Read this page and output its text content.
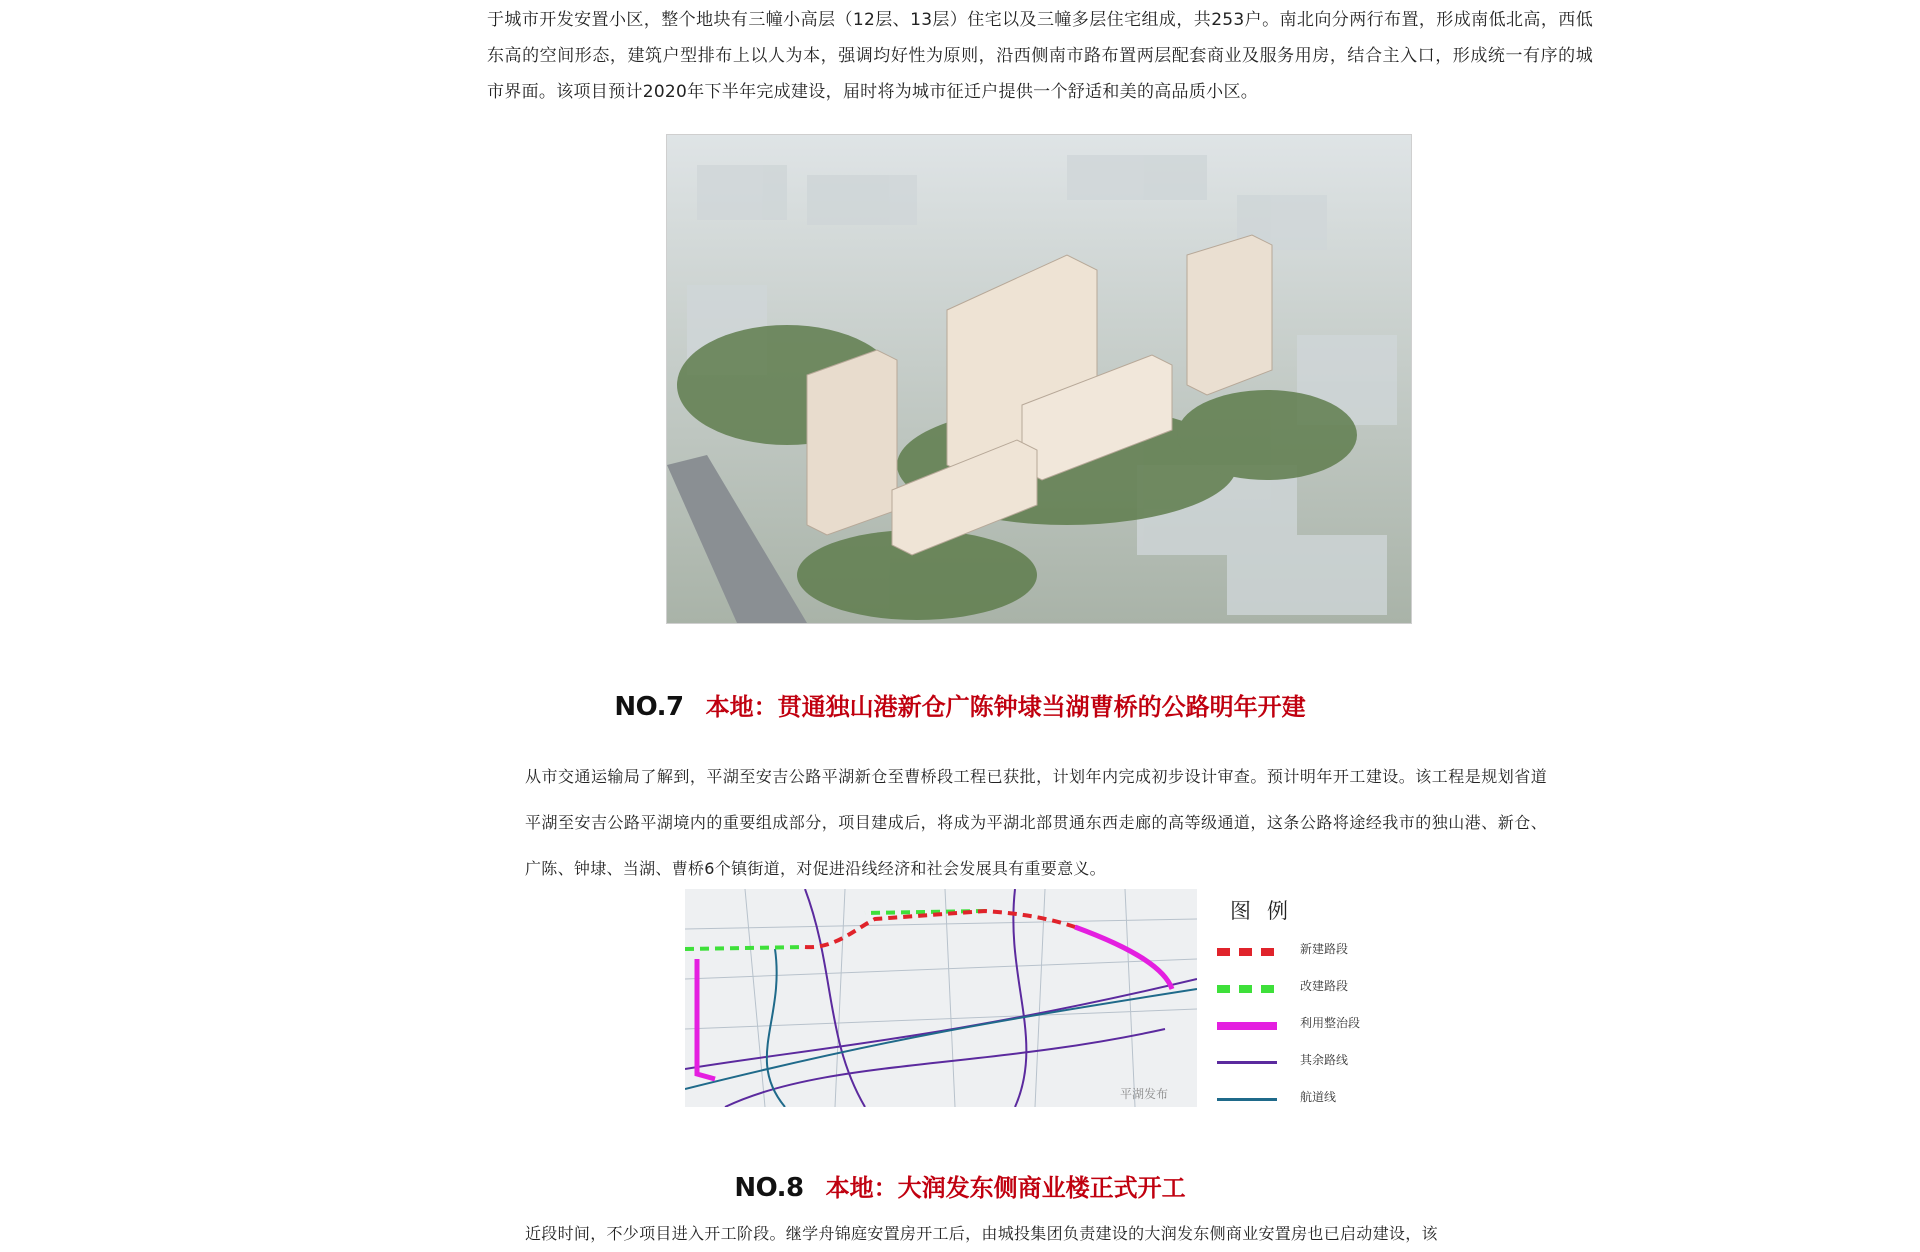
于城市开发安置小区，整个地块有三幢小高层（12层、13层）住宅以及三幢多层住宅组成，共253户。南北向分两行布置，形成南低北高，西低东高的空间形态，建筑户型排布上以人为本，强调均好性为原则，沿西侧南市路布置两层配套商业及服务用房，结合主入口，形成统一有序的城市界面。该项目预计2020年下半年完成建设，届时将为城市征迁户提供一个舒适和美的高品质小区。
NO.7 本地：贯通独山港新仓广陈钟埭当湖曹桥的公路明年开建
从市交通运输局了解到，平湖至安吉公路平湖新仓至曹桥段工程已获批，计划年内完成初步设计审查。预计明年开工建设。该工程是规划省道平湖至安吉公路平湖境内的重要组成部分，项目建成后，将成为平湖北部贯通东西走廊的高等级通道，这条公路将途经我市的独山港、新仓、广陈、钟埭、当湖、曹桥6个镇街道，对促进沿线经济和社会发展具有重要意义。
图例
新建路段
改建路段
利用整治段
其余路线
航道线
平湖发布
NO.8 本地：大润发东侧商业楼正式开工
近段时间，不少项目进入开工阶段。继学舟锦庭安置房开工后，由城投集团负责建设的大润发东侧商业安置房也已启动建设，该
